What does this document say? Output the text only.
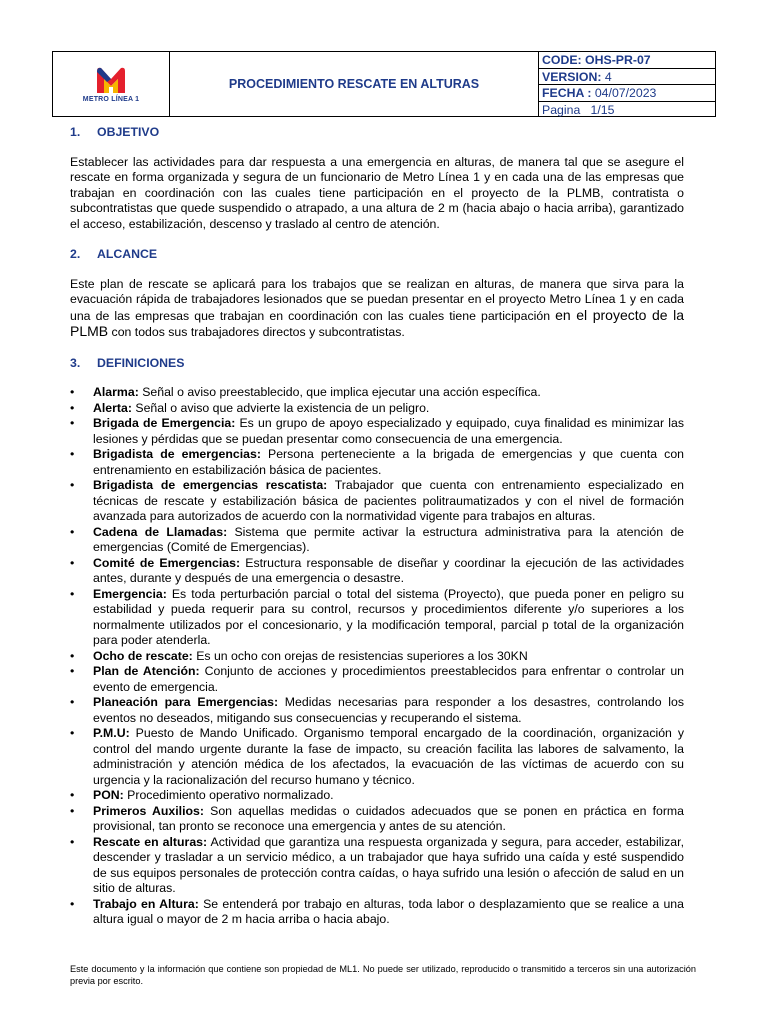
METRO LÍNEA 1
PROCEDIMIENTO RESCATE EN ALTURAS
CODE: OHS-PR-07
VERSION: 4
FECHA : 04/07/2023
Pagina 1/15
1.	OBJETIVO

Establecer las actividades para dar respuesta a una emergencia en alturas, de manera tal que se asegure el rescate en forma organizada y segura de un funcionario de Metro Línea 1 y en cada una de las empresas que trabajan en coordinación con las cuales tiene participación en el proyecto de la PLMB, contratista o subcontratistas que quede suspendido o atrapado, a una altura de 2 m (hacia abajo o hacia arriba), garantizado el acceso, estabilización, descenso y traslado al centro de atención.

2.	ALCANCE

Este plan de rescate se aplicará para los trabajos que se realizan en alturas, de manera que sirva para la evacuación rápida de trabajadores lesionados que se puedan presentar en el proyecto Metro Línea 1 y en cada una de las empresas que trabajan en coordinación con las cuales tiene participación en el proyecto de la PLMB con todos sus trabajadores directos y subcontratistas.

3.	DEFINICIONES
• Alarma: Señal o aviso preestablecido, que implica ejecutar una acción específica.
• Alerta: Señal o aviso que advierte la existencia de un peligro.
• Brigada de Emergencia: Es un grupo de apoyo especializado y equipado, cuya finalidad es minimizar las lesiones y pérdidas que se puedan presentar como consecuencia de una emergencia.
• Brigadista de emergencias: Persona perteneciente a la brigada de emergencias y que cuenta con entrenamiento en estabilización básica de pacientes.
• Brigadista de emergencias rescatista: Trabajador que cuenta con entrenamiento especializado en técnicas de rescate y estabilización básica de pacientes politraumatizados y con el nivel de formación avanzada para autorizados de acuerdo con la normatividad vigente para trabajos en alturas.
• Cadena de Llamadas: Sistema que permite activar la estructura administrativa para la atención de emergencias (Comité de Emergencias).
• Comité de Emergencias: Estructura responsable de diseñar y coordinar la ejecución de las actividades antes, durante y después de una emergencia o desastre.
• Emergencia: Es toda perturbación parcial o total del sistema (Proyecto), que pueda poner en peligro su estabilidad y pueda requerir para su control, recursos y procedimientos diferente y/o superiores a los normalmente utilizados por el concesionario, y la modificación temporal, parcial p total de la organización para poder atenderla.
• Ocho de rescate: Es un ocho con orejas de resistencias superiores a los 30KN
• Plan de Atención: Conjunto de acciones y procedimientos preestablecidos para enfrentar o controlar un evento de emergencia.
• Planeación para Emergencias: Medidas necesarias para responder a los desastres, controlando los eventos no deseados, mitigando sus consecuencias y recuperando el sistema.
• P.M.U: Puesto de Mando Unificado. Organismo temporal encargado de la coordinación, organización y control del mando urgente durante la fase de impacto, su creación facilita las labores de salvamento, la administración y atención médica de los afectados, la evacuación de las víctimas de acuerdo con su urgencia y la racionalización del recurso humano y técnico.
• PON: Procedimiento operativo normalizado.
• Primeros Auxilios: Son aquellas medidas o cuidados adecuados que se ponen en práctica en forma provisional, tan pronto se reconoce una emergencia y antes de su atención.
• Rescate en alturas: Actividad que garantiza una respuesta organizada y segura, para acceder, estabilizar, descender y trasladar a un servicio médico, a un trabajador que haya sufrido una caída y esté suspendido de sus equipos personales de protección contra caídas, o haya sufrido una lesión o afección de salud en un sitio de alturas.
• Trabajo en Altura: Se entenderá por trabajo en alturas, toda labor o desplazamiento que se realice a una altura igual o mayor de 2 m hacia arriba o hacia abajo.
Este documento y la información que contiene son propiedad de ML1. No puede ser utilizado, reproducido o transmitido a terceros sin una autorización previa por escrito.
